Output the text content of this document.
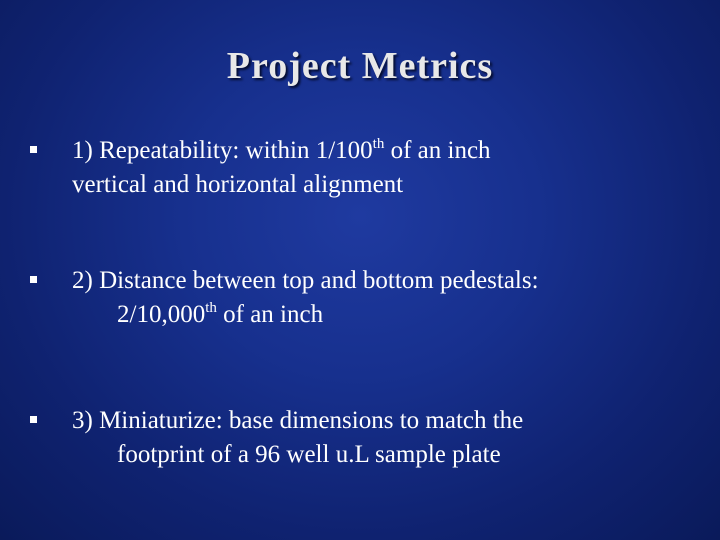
Project Metrics
1) Repeatability: within 1/100th of an inch
vertical and horizontal alignment
2) Distance between top and bottom pedestals:
2/10,000th of an inch
3) Miniaturize: base dimensions to match the
footprint of a 96 well u.L sample plate
